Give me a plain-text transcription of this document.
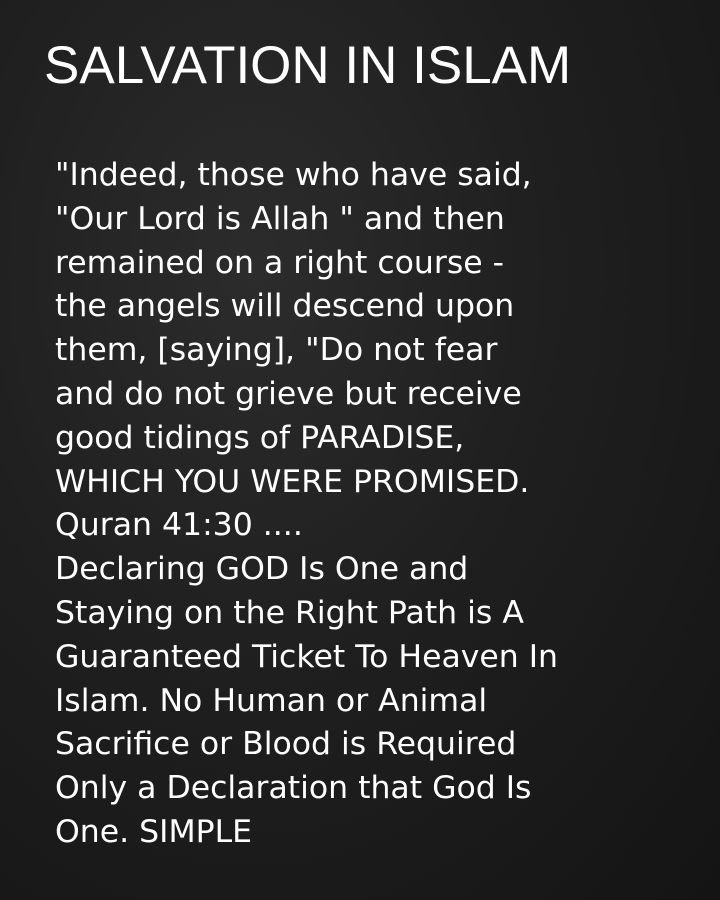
SALVATION IN ISLAM
"Indeed, those who have said,
"Our Lord is Allah " and then
remained on a right course -
the angels will descend upon
them, [saying], "Do not fear
and do not grieve but receive
good tidings of PARADISE,
WHICH YOU WERE PROMISED.
Quran 41:30 ....
Declaring GOD Is One and
Staying on the Right Path is A
Guaranteed Ticket To Heaven In
Islam. No Human or Animal
Sacrifice or Blood is Required
Only a Declaration that God Is
One. SIMPLE
